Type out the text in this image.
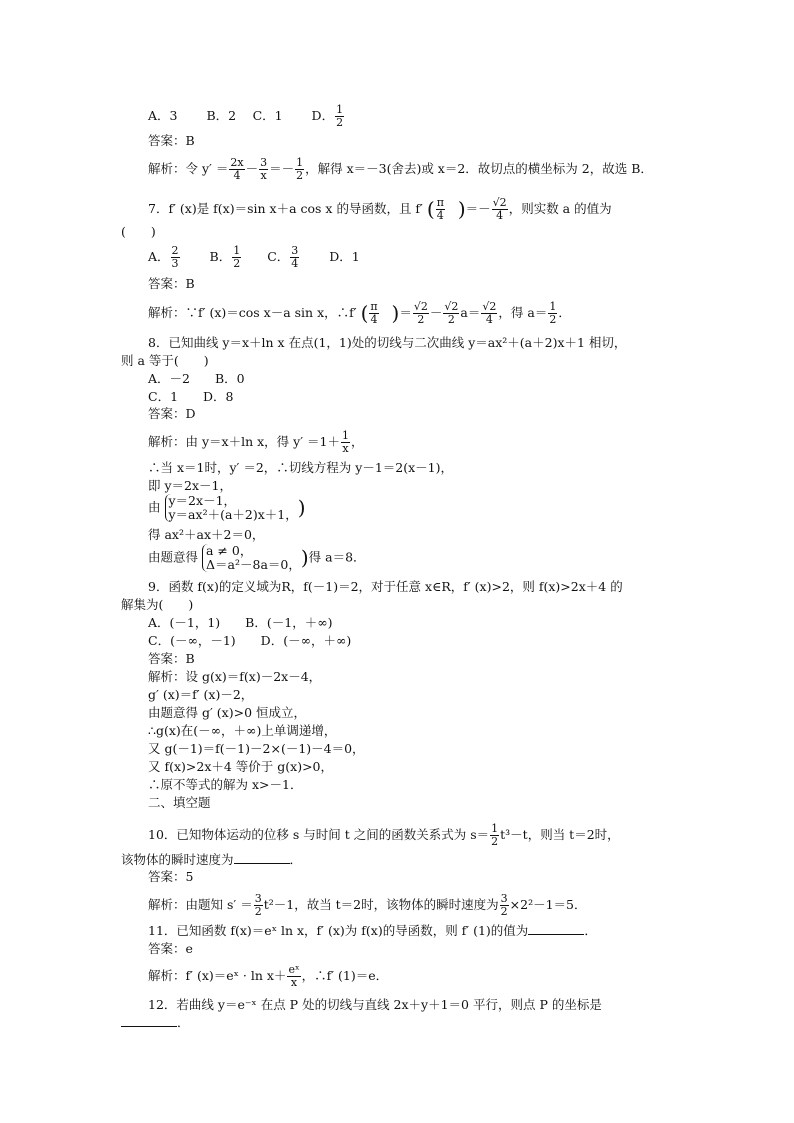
A．3　　 B．2　 C．1　　 D． $\frac{1}{2}$
答案：B
解析：令 $y' = \frac{2x}{4} - \frac{3}{x} =- \frac{1}{2}$ ，解得 x＝－3(舍去)或 x＝2．故切点的横坐标为 2，故选 B．
7．f′ (x)是 f(x)＝sin x＋a cos x 的导函数，且 f′ ( $\frac{\pi}{4}$ )＝－ $\frac{√2}{4}$ ，则实数 a 的值为
(　　)
A． $\frac{2}{3}$ 　　 B． $\frac{1}{2}$ 　　C． $\frac{3}{4}$ 　　 D．1
答案：B
解析：∵f′ (x)＝cos x－a sin x，∴f′ ( $\frac{\pi}{4}$ )＝ $\frac{√2}{2} - \frac{√2}{2} a= \frac{√2}{4}$ ，得 $a= \frac{1}{2}$ ．
8．已知曲线 y＝x＋ln x 在点(1，1)处的切线与二次曲线 y＝ax²＋(a＋2)x＋1 相切，
则 a 等于(　　)
A．－2　　B．0
C．1　　D．8
答案：D
解析：由 y＝x＋ln x，得 $y' =1+ \frac{1}{x}$ ，
∴当 x＝1时，y′ ＝2，∴切线方程为 y－1＝2(x－1)，
即 y＝2x－1，
由 y＝2x－1，
y＝ax²＋(a＋2)x＋1， )
得 ax²＋ax＋2＝0，
由题意得 a ≠ 0，
Δ＝a²－8a＝0， )得 a＝8．
9．函数 f(x)的定义域为R，f(－1)＝2，对于任意 x∈R，f′ (x)>2，则 f(x)>2x＋4 的
解集为(　　)
A．(－1，1)　　B．(－1，＋∞)
C．(－∞，－1)　　D．(－∞，＋∞)
答案：B
解析：设 g(x)＝f(x)－2x－4，
g′ (x)＝f′ (x)－2，
由题意得 g′ (x)>0 恒成立，
∴g(x)在(－∞，＋∞)上单调递增，
又 g(－1)＝f(－1)－2×(－1)－4＝0，
又 f(x)>2x＋4 等价于 g(x)>0，
∴原不等式的解为 x>－1．
二、填空题
10．已知物体运动的位移 s 与时间 t 之间的函数关系式为 $s= \frac{1}{2} t^3-t$，则当 t＝2时，
该物体的瞬时速度为	．
答案：5
解析：由题知 $s' = \frac{3}{2} t^2-1$，故当 t＝2时，该物体的瞬时速度为 $\frac{3}{2} \times 2^2-1=5$．
11．已知函数 f(x)＝eˣ ln x，f′ (x)为 f(x)的导函数，则 f′ (1)的值为	．
答案：e
解析：f′ (x)＝eˣ · $\ln x+ \frac{\text{eˣ}}{x}$ ，∴f′ (1)＝e．
12．若曲线 y＝e⁻ˣ 在点 P 处的切线与直线 2x＋y＋1＝0 平行，则点 P 的坐标是
．
